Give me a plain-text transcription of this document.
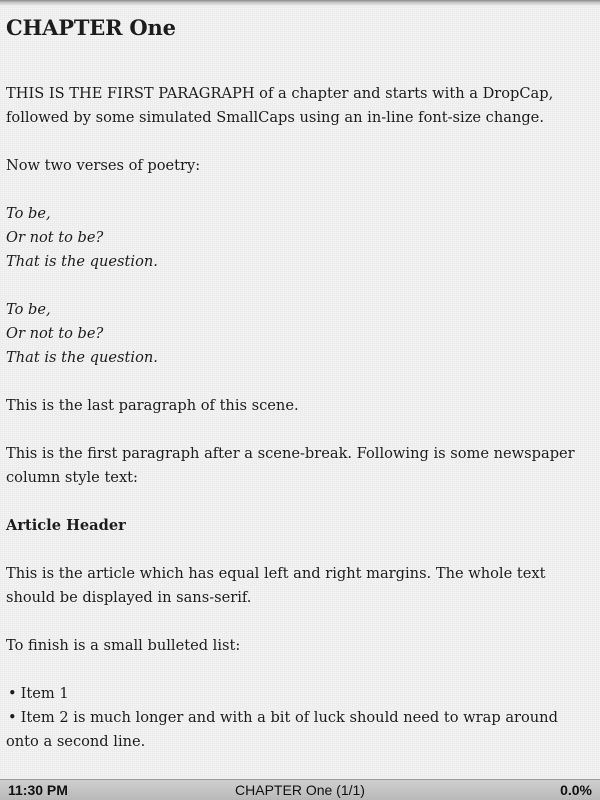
CHAPTER One

THIS IS THE FIRST PARAGRAPH of a chapter and starts with a DropCap, followed by some simulated SmallCaps using an in-line font-size change.

Now two verses of poetry:

To be,
Or not to be?
That is the question.
To be,
Or not to be?
That is the question.

This is the last paragraph of this scene.

This is the first paragraph after a scene-break. Following is some newspaper column style text:

Article Header

This is the article which has equal left and right margins. The whole text should be displayed in sans-serif.

To finish is a small bulleted list:

• Item 1
• Item 2 is much longer and with a bit of luck should need to wrap around onto a second line.
11:30 PM	CHAPTER One (1/1)	0.0%
